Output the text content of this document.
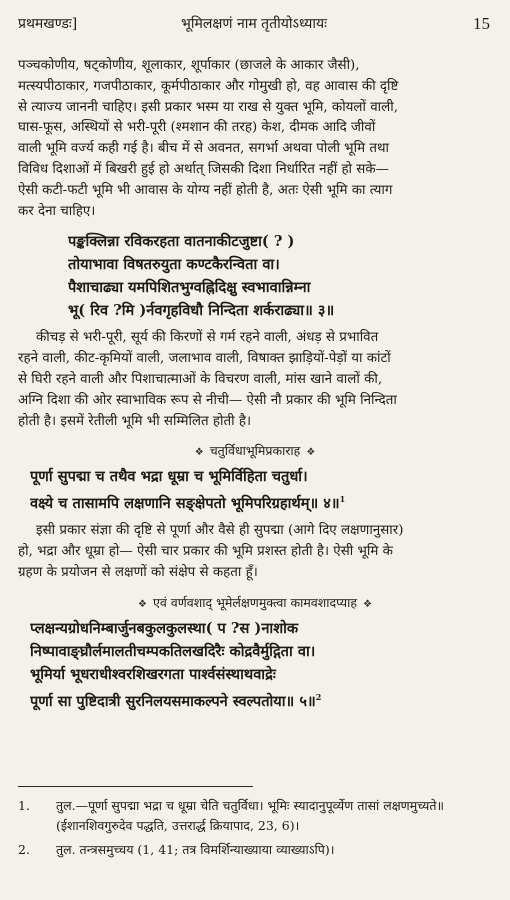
प्रथमखण्डः]	भूमिलक्षणं नाम तृतीयोऽध्यायः	15
पञ्चकोणीय, षट्कोणीय, शूलाकार, शूर्पाकार (छाजले के आकार जैसी),
मत्स्यपीठाकार, गजपीठाकार, कूर्मपीठाकार और गोमुखी हो, वह आवास की दृष्टि
से त्याज्य जाननी चाहिए। इसी प्रकार भस्म या राख से युक्त भूमि, कोयलों वाली,
घास-फूस, अस्थियों से भरी-पूरी (श्मशान की तरह) केश, दीमक आदि जीवों
वाली भूमि वर्ज्य कही गई है। बीच में से अवनत, सगर्भा अथवा पोली भूमि तथा
विविध दिशाओं में बिखरी हुई हो अर्थात् जिसकी दिशा निर्धारित नहीं हो सके—
ऐसी कटी-फटी भूमि भी आवास के योग्य नहीं होती है, अतः ऐसी भूमि का त्याग
कर देना चाहिए।
पङ्कक्लिन्ना रविकरहता वातनाकीटजुष्टा( ? )
तोयाभावा विषतरुयुता कण्टकैरन्विता वा।
पैशाचाढ्या यमपिशितभुग्वह्निदिक्षु स्वभावान्निम्ना
भू( रिव ?मि )र्नवगृहविधौ निन्दिता शर्कराढ्या॥ ३॥
कीचड़ से भरी-पूरी, सूर्य की किरणों से गर्म रहने वाली, अंधड़ से प्रभावित
रहने वाली, कीट-कृमियों वाली, जलाभाव वाली, विषाक्त झाड़ियों-पेड़ों या कांटों
से घिरी रहने वाली और पिशाचात्माओं के विचरण वाली, मांस खाने वालों की,
अग्नि दिशा की ओर स्वाभाविक रूप से नीची— ऐसी नौ प्रकार की भूमि निन्दिता
होती है। इसमें रेतीली भूमि भी सम्मिलित होती है।
❖ चतुर्विधाभूमिप्रकाराह ❖
पूर्णा सुपद्मा च तथैव भद्रा धूम्रा च भूमिर्विहिता चतुर्धा।
वक्ष्ये च तासामपि लक्षणानि सङ्क्षेपतो भूमिपरिग्रहार्थम्॥ ४॥$^1$
इसी प्रकार संज्ञा की दृष्टि से पूर्णा और वैसे ही सुपद्मा (आगे दिए लक्षणानुसार)
हो, भद्रा और धूम्रा हो— ऐसी चार प्रकार की भूमि प्रशस्त होती है। ऐसी भूमि के
ग्रहण के प्रयोजन से लक्षणों को संक्षेप से कहता हूँ।
❖ एवं वर्णवशाद् भूमेर्लक्षणमुक्त्वा कामवशादप्याह ❖
प्लक्षन्यग्रोधनिम्बार्जुनबकुलकुलस्था( प ?स )नाशोक
निष्पावाङ्घ्रौर्लमालतीचम्पकतिलखदिरैः कोद्रवैर्मुद्गिता वा।
भूमिर्या भूधराधीश्वरशिखरगता पार्श्वसंस्थाथवाद्रेः
पूर्णा सा पुष्टिदात्री सुरनिलयसमाकल्पने स्वल्पतोया॥ ५॥$^2$
1.	तुल.—पूर्णा सुपद्मा भद्रा च धूम्रा चेति चतुर्विधा। भूमिः स्यादानुपूर्व्येण तासां लक्षणमुच्यते॥
(ईशानशिवगुरुदेव पद्धति, उत्तरार्द्ध क्रियापाद, 23, 6)।
2.	तुल. तन्त्रसमुच्चय (1, 41; तत्र विमर्शिन्याख्याया व्याख्याऽपि)।
